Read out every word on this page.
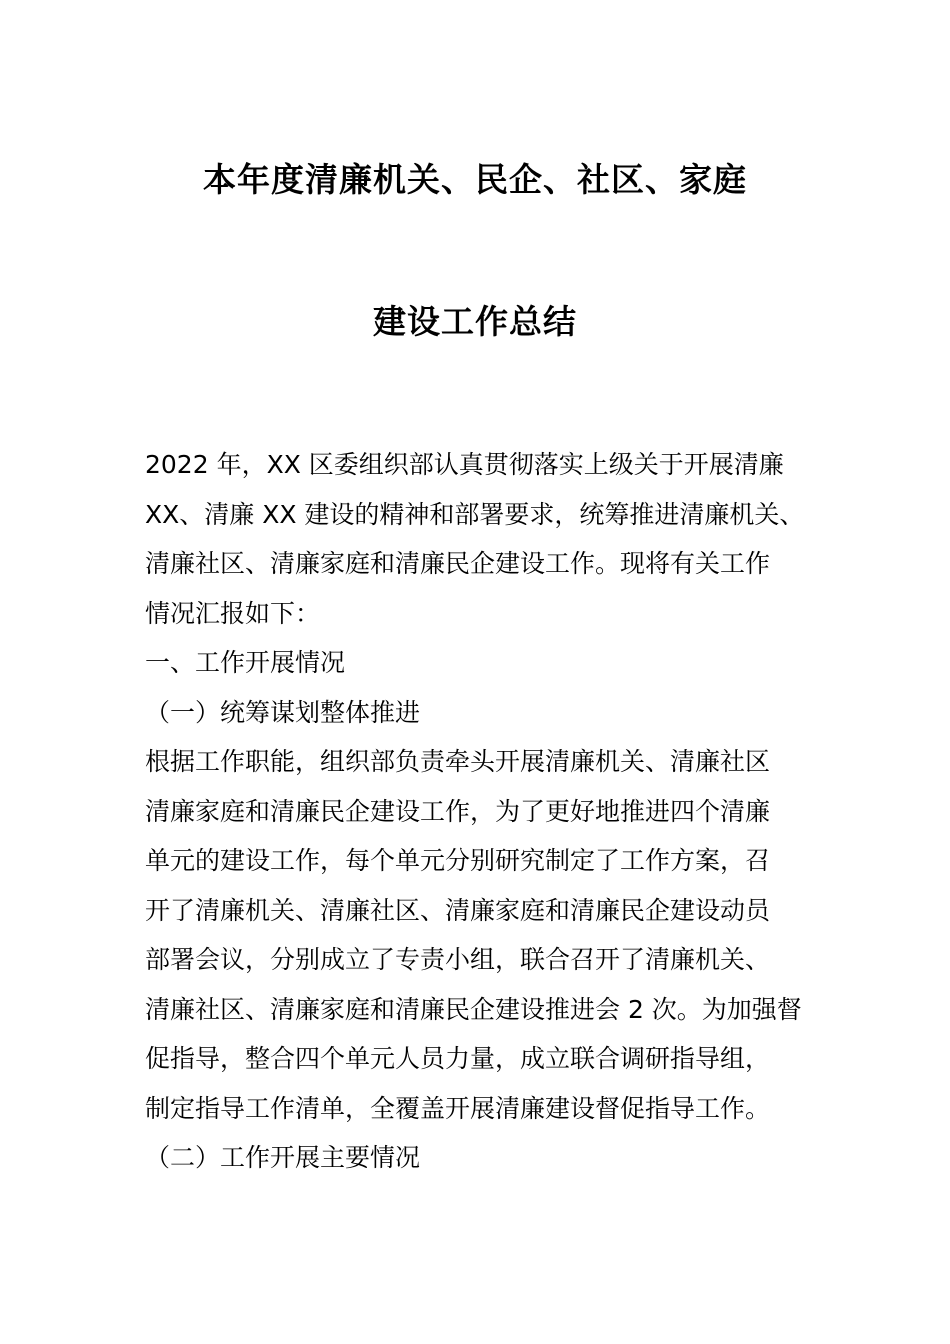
本年度清廉机关、民企、社区、家庭
建设工作总结
2022 年，XX 区委组织部认真贯彻落实上级关于开展清廉
XX、清廉 XX 建设的精神和部署要求，统筹推进清廉机关、
清廉社区、清廉家庭和清廉民企建设工作。现将有关工作
情况汇报如下：
一、工作开展情况
（一）统筹谋划整体推进
根据工作职能，组织部负责牵头开展清廉机关、清廉社区
清廉家庭和清廉民企建设工作，为了更好地推进四个清廉
单元的建设工作，每个单元分别研究制定了工作方案，召
开了清廉机关、清廉社区、清廉家庭和清廉民企建设动员
部署会议，分别成立了专责小组，联合召开了清廉机关、
清廉社区、清廉家庭和清廉民企建设推进会 2 次。为加强督
促指导，整合四个单元人员力量，成立联合调研指导组，
制定指导工作清单，全覆盖开展清廉建设督促指导工作。
（二）工作开展主要情况
